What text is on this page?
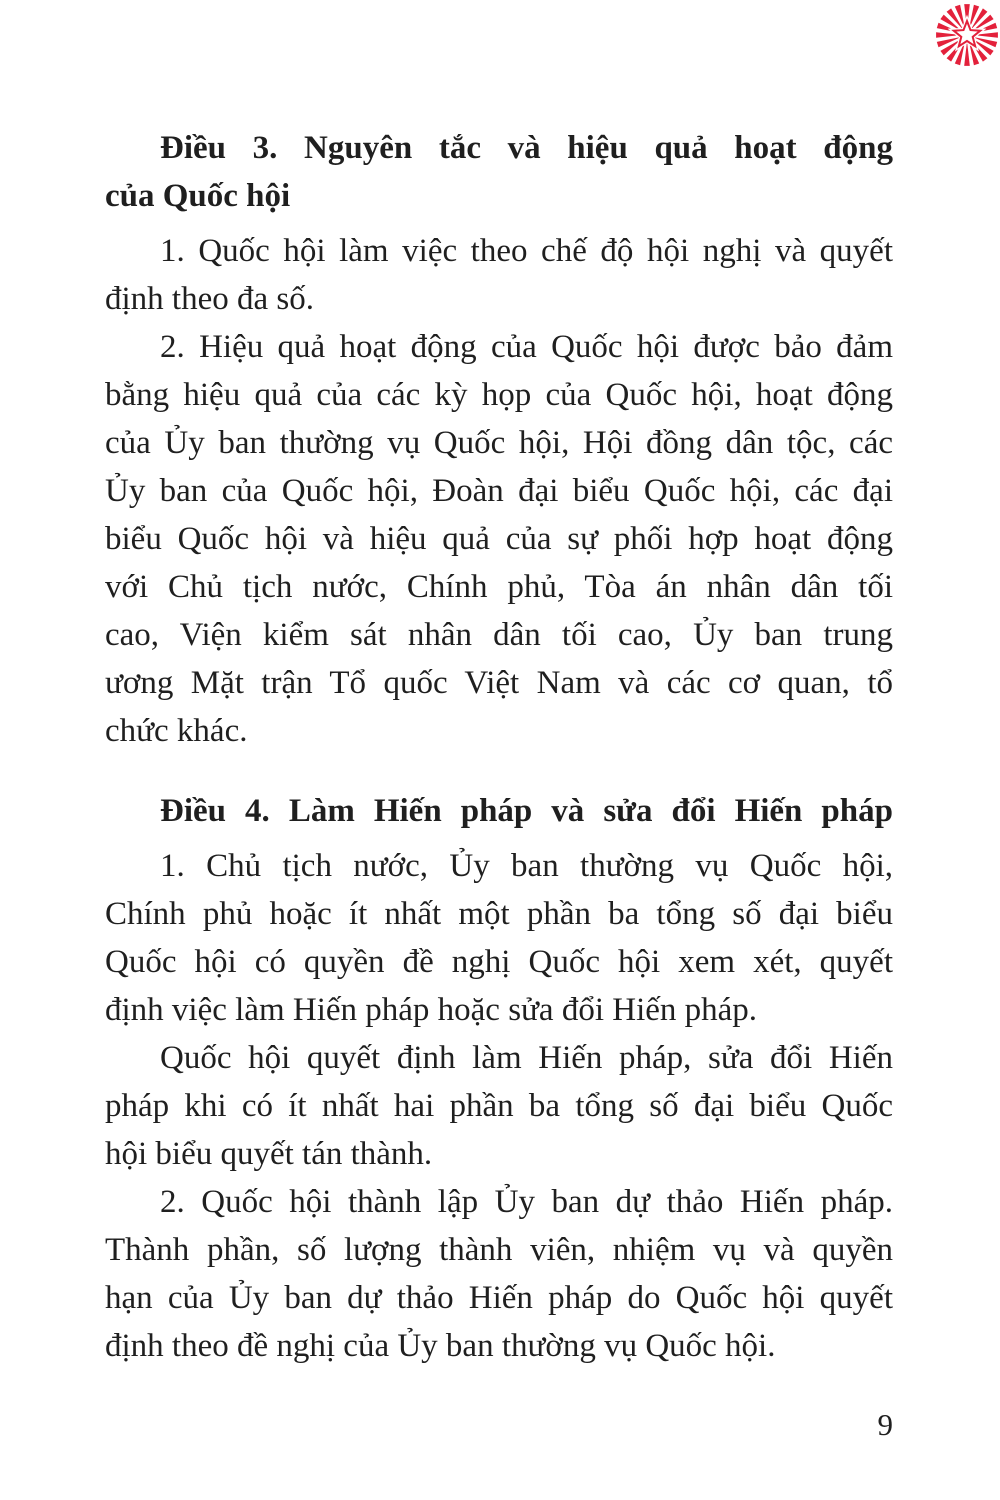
Điều 3. Nguyên tắc và hiệu quả hoạt động
của Quốc hội
1. Quốc hội làm việc theo chế độ hội nghị và quyết
định theo đa số.
2. Hiệu quả hoạt động của Quốc hội được bảo đảm
bằng hiệu quả của các kỳ họp của Quốc hội, hoạt động
của Ủy ban thường vụ Quốc hội, Hội đồng dân tộc, các
Ủy ban của Quốc hội, Đoàn đại biểu Quốc hội, các đại
biểu Quốc hội và hiệu quả của sự phối hợp hoạt động
với Chủ tịch nước, Chính phủ, Tòa án nhân dân tối
cao, Viện kiểm sát nhân dân tối cao, Ủy ban trung
ương Mặt trận Tổ quốc Việt Nam và các cơ quan, tổ
chức khác.
Điều 4. Làm Hiến pháp và sửa đổi Hiến pháp
1. Chủ tịch nước, Ủy ban thường vụ Quốc hội,
Chính phủ hoặc ít nhất một phần ba tổng số đại biểu
Quốc hội có quyền đề nghị Quốc hội xem xét, quyết
định việc làm Hiến pháp hoặc sửa đổi Hiến pháp.
Quốc hội quyết định làm Hiến pháp, sửa đổi Hiến
pháp khi có ít nhất hai phần ba tổng số đại biểu Quốc
hội biểu quyết tán thành.
2. Quốc hội thành lập Ủy ban dự thảo Hiến pháp.
Thành phần, số lượng thành viên, nhiệm vụ và quyền
hạn của Ủy ban dự thảo Hiến pháp do Quốc hội quyết
định theo đề nghị của Ủy ban thường vụ Quốc hội.
9
